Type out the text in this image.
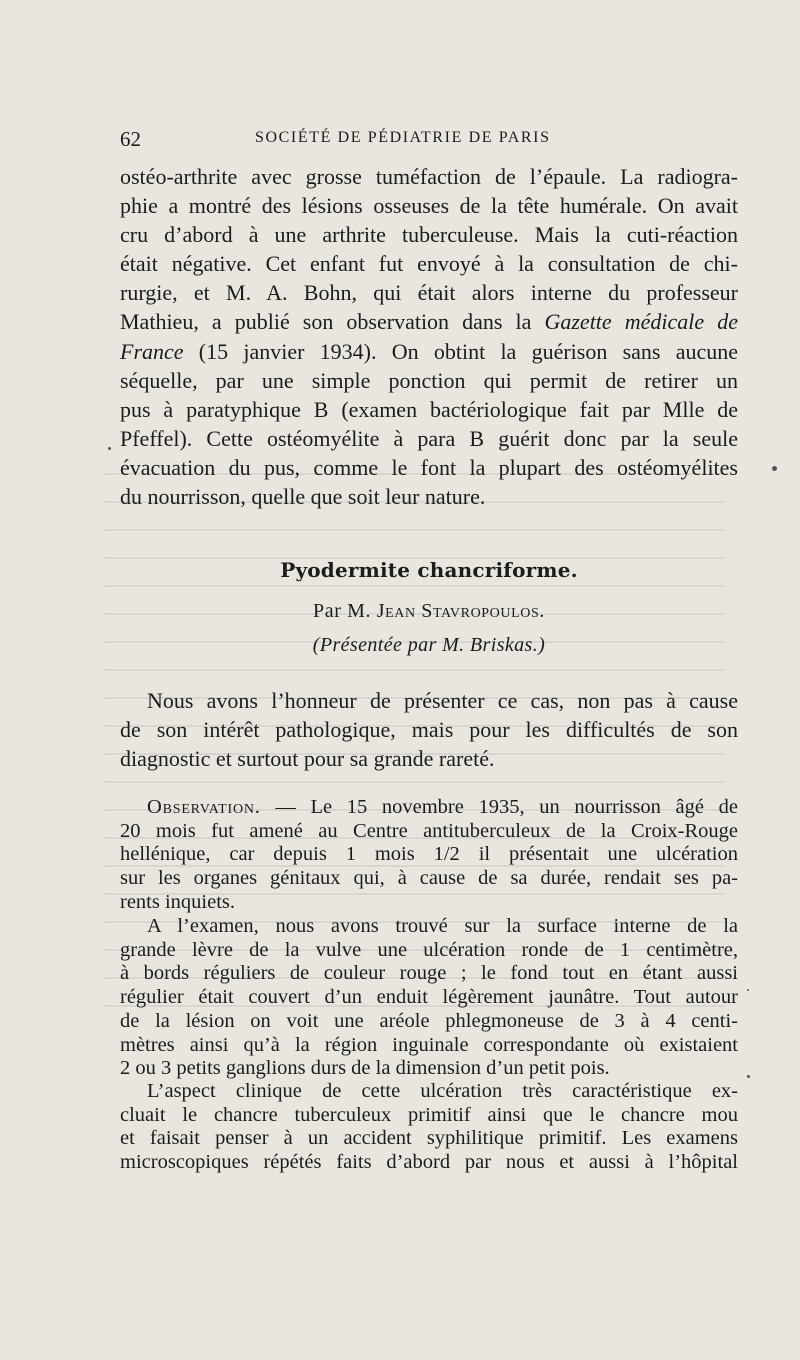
62	SOCIÉTÉ DE PÉDIATRIE DE PARIS
ostéo-arthrite avec grosse tuméfaction de l’épaule. La radiogra-
phie a montré des lésions osseuses de la tête humérale. On avait
cru d’abord à une arthrite tuberculeuse. Mais la cuti-réaction
était négative. Cet enfant fut envoyé à la consultation de chi-
rurgie, et M. A. Bohn, qui était alors interne du professeur
Mathieu, a publié son observation dans la Gazette médicale de
France (15 janvier 1934). On obtint la guérison sans aucune
séquelle, par une simple ponction qui permit de retirer un
pus à paratyphique B (examen bactériologique fait par Mlle de
Pfeffel). Cette ostéomyélite à para B guérit donc par la seule
évacuation du pus, comme le font la plupart des ostéomyélites
du nourrisson, quelle que soit leur nature.
Pyodermite chancriforme.
Par M. Jean Stavropoulos.
(Présentée par M. Briskas.)
Nous avons l’honneur de présenter ce cas, non pas à cause
de son intérêt pathologique, mais pour les difficultés de son
diagnostic et surtout pour sa grande rareté.
Observation. — Le 15 novembre 1935, un nourrisson âgé de
20 mois fut amené au Centre antituberculeux de la Croix-Rouge
hellénique, car depuis 1 mois 1/2 il présentait une ulcération
sur les organes génitaux qui, à cause de sa durée, rendait ses pa-
rents inquiets.
A l’examen, nous avons trouvé sur la surface interne de la
grande lèvre de la vulve une ulcération ronde de 1 centimètre,
à bords réguliers de couleur rouge ; le fond tout en étant aussi
régulier était couvert d’un enduit légèrement jaunâtre. Tout autour
de la lésion on voit une aréole phlegmoneuse de 3 à 4 centi-
mètres ainsi qu’à la région inguinale correspondante où existaient
2 ou 3 petits ganglions durs de la dimension d’un petit pois.
L’aspect clinique de cette ulcération très caractéristique ex-
cluait le chancre tuberculeux primitif ainsi que le chancre mou
et faisait penser à un accident syphilitique primitif. Les examens
microscopiques répétés faits d’abord par nous et aussi à l’hôpital
